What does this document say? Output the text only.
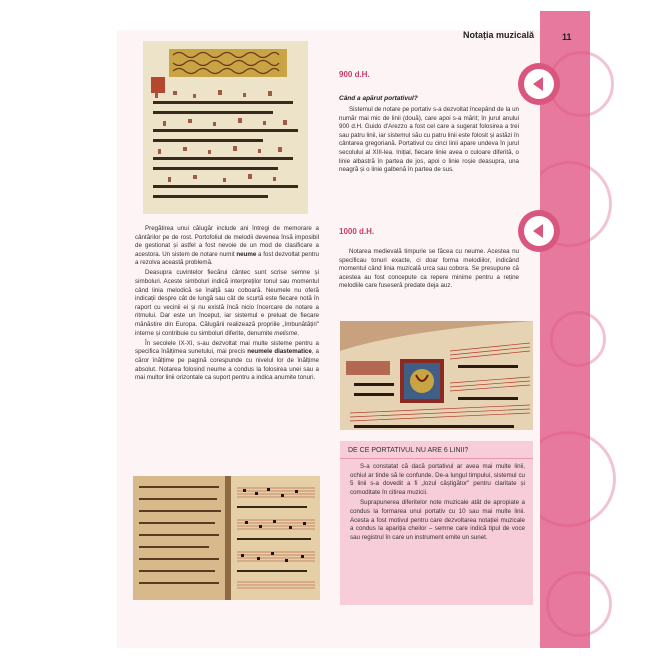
Notația muzicală	11

Pregătirea unui călugăr include ani întregi de memorare a cântărilor pe de rost. Portofoliul de melodii devenea însă imposibil de gestionat și astfel a fost nevoie de un mod de clasificare a acestora. Un sistem de notare numit neume a fost dezvoltat pentru a rezolva această problemă.

Deasupra cuvintelor fiecărui cântec sunt scrise semne și simboluri. Aceste simboluri indică interpreților tonul sau momentul când linia melodică se înalță sau coboară. Neumele nu oferă indicații despre cât de lungă sau cât de scurtă este fiecare notă în raport cu vecinii ei și nu există încă nicio încercare de notare a ritmului. Dar este un început, iar sistemul e preluat de fiecare mănăstire din Europa. Călugării realizează propriile „îmbunătățiri" interne și contribuie cu simboluri diferite, denumite melisme.

În secolele IX-XI, s-au dezvoltat mai multe sisteme pentru a specifica înălțimea sunetului, mai precis neumele diastematice, a căror înălțime pe pagină corespunde cu nivelul lor de înălțime absolut. Notarea folosind neume a condus la folosirea unei sau a mai multor linii orizontale ca suport pentru a indica anumite tonuri.

900 d.H.
Când a apărut portativul?

Sistemul de notare pe portativ s-a dezvoltat începând de la un număr mai mic de linii (două), care apoi s-a mărit; în jurul anului 900 d.H. Guido d'Arezzo a fost cel care a sugerat folosirea a trei sau patru linii, iar sistemul său cu patru linii este folosit și astăzi în cântarea gregoriană. Portativul cu cinci linii apare undeva în jurul secolului al XIII-lea. Inițial, fiecare linie avea o culoare diferită, o linie albastră în partea de jos, apoi o linie roșie deasupra, una neagră și o linie galbenă în partea de sus.

1000 d.H.

Notarea medievală timpurie se făcea cu neume. Acestea nu specificau tonuri exacte, ci doar forma melodiilor, indicând momentul când linia muzicală urca sau cobora. Se presupune că acestea au fost concepute ca repere minime pentru a reține melodiile care fuseseră predate deja auz.

DE CE PORTATIVUL NU ARE 6 LINII?

S-a constatat că dacă portativul ar avea mai multe linii, ochiul ar tinde să le confunde. De-a lungul timpului, sistemul cu 5 linii s-a dovedit a fi „lozul câștigător" pentru claritate și comoditate în citirea muzicii.

Suprapunerea diferitelor note muzicale atât de apropiate a condus la formarea unui portativ cu 10 sau mai multe linii. Acesta a fost motivul pentru care dezvoltarea notației muzicale a condus la apariția cheilor – semne care indică tipul de voce sau registrul în care un instrument emite un sunet.
